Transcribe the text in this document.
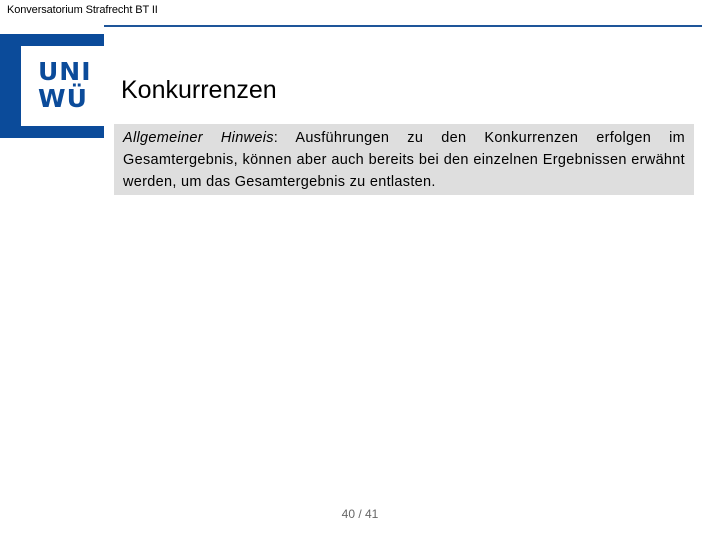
Konversatorium Strafrecht BT II
UNI
WÜ	Konkurrenzen
Allgemeiner Hinweis: Ausführungen zu den Konkurrenzen erfolgen im Gesamtergebnis, können aber auch bereits bei den einzelnen Ergebnissen erwähnt werden, um das Gesamtergebnis zu entlasten.
40 / 41
